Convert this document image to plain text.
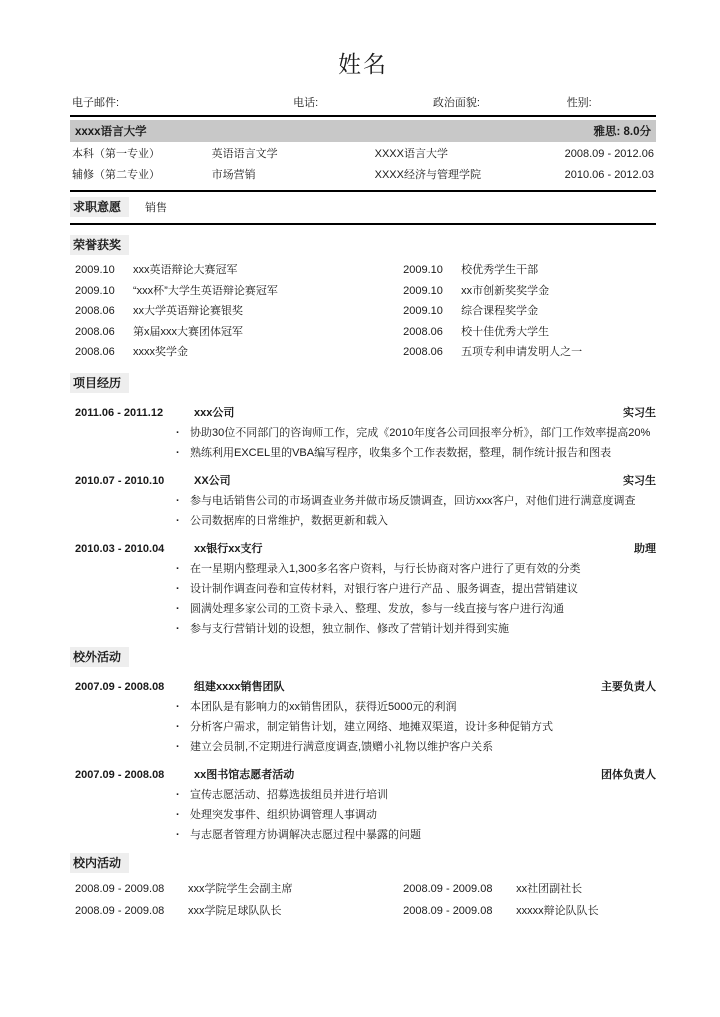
姓名
电子邮件:	电话:	政治面貌:	性别:
xxxx语言大学	雅思: 8.0分
本科（第一专业）	英语语言文学	XXXX语言大学	2008.09 - 2012.06
辅修（第二专业）	市场营销	XXXX经济与管理学院	2010.06 - 2012.03
求职意愿	销售
荣誉获奖
2009.10	xxx英语辩论大赛冠军	2009.10	校优秀学生干部
2009.10	“xxx杯”大学生英语辩论赛冠军	2009.10	xx市创新奖奖学金
2008.06	xx大学英语辩论赛银奖	2009.10	综合课程奖学金
2008.06	第x届xxx大赛团体冠军	2008.06	校十佳优秀大学生
2008.06	xxxx奖学金	2008.06	五项专利申请发明人之一
项目经历
2011.06 - 2011.12	xxx公司	实习生
· 协助30位不同部门的咨询师工作，完成《2010年度各公司回报率分析》，部门工作效率提高20%
· 熟练利用EXCEL里的VBA编写程序，收集多个工作表数据，整理，制作统计报告和图表
2010.07 - 2010.10	XX公司	实习生
· 参与电话销售公司的市场调查业务并做市场反馈调查，回访xxx客户，对他们进行满意度调查
· 公司数据库的日常维护，数据更新和载入
2010.03 - 2010.04	xx银行xx支行	助理
· 在一星期内整理录入1,300多名客户资料，与行长协商对客户进行了更有效的分类
· 设计制作调查问卷和宣传材料，对银行客户进行产品 、服务调查，提出营销建议
· 圆满处理多家公司的工资卡录入、整理、发放，参与一线直接与客户进行沟通
· 参与支行营销计划的设想，独立制作、修改了营销计划并得到实施
校外活动
2007.09 - 2008.08	组建xxxx销售团队	主要负责人
· 本团队是有影响力的xx销售团队，获得近5000元的利润
· 分析客户需求，制定销售计划，建立网络、地摊双渠道，设计多种促销方式
· 建立会员制,不定期进行满意度调查,馈赠小礼物以维护客户关系
2007.09 - 2008.08	xx图书馆志愿者活动	团体负责人
· 宣传志愿活动、招募选拔组员并进行培训
· 处理突发事件、组织协调管理人事调动
· 与志愿者管理方协调解决志愿过程中暴露的问题
校内活动
2008.09 - 2009.08	xxx学院学生会副主席	2008.09 - 2009.08	xx社团副社长
2008.09 - 2009.08	xxx学院足球队队长	2008.09 - 2009.08	xxxxx辩论队队长
